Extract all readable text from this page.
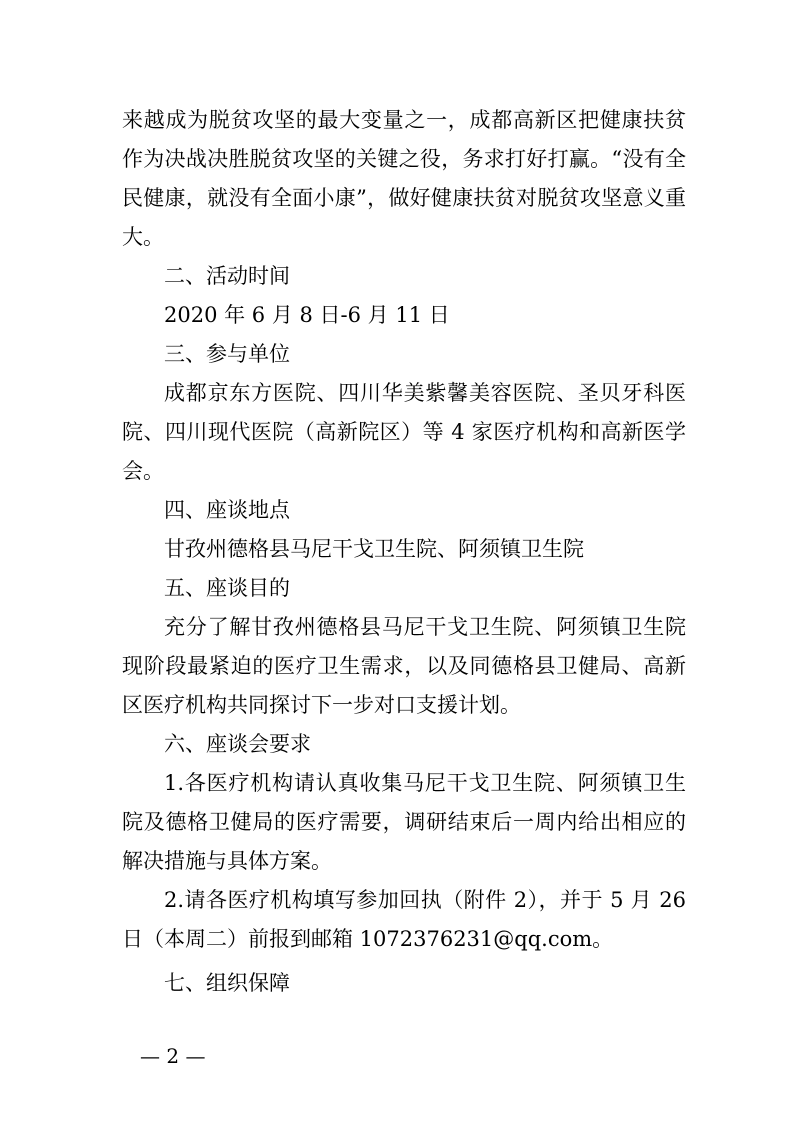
来越成为脱贫攻坚的最大变量之一，成都高新区把健康扶贫
作为决战决胜脱贫攻坚的关键之役，务求打好打赢。“没有全
民健康，就没有全面小康”，做好健康扶贫对脱贫攻坚意义重
大。
二、活动时间
2020 年 6 月 8 日-6 月 11 日
三、参与单位
成都京东方医院、四川华美紫馨美容医院、圣贝牙科医
院、四川现代医院（高新院区）等 4 家医疗机构和高新医学
会。
四、座谈地点
甘孜州德格县马尼干戈卫生院、阿须镇卫生院
五、座谈目的
充分了解甘孜州德格县马尼干戈卫生院、阿须镇卫生院
现阶段最紧迫的医疗卫生需求，以及同德格县卫健局、高新
区医疗机构共同探讨下一步对口支援计划。
六、座谈会要求
1.各医疗机构请认真收集马尼干戈卫生院、阿须镇卫生
院及德格卫健局的医疗需要，调研结束后一周内给出相应的
解决措施与具体方案。
2.请各医疗机构填写参加回执（附件 2），并于 5 月 26
日（本周二）前报到邮箱 1072376231@qq.com。
七、组织保障
— 2 —
